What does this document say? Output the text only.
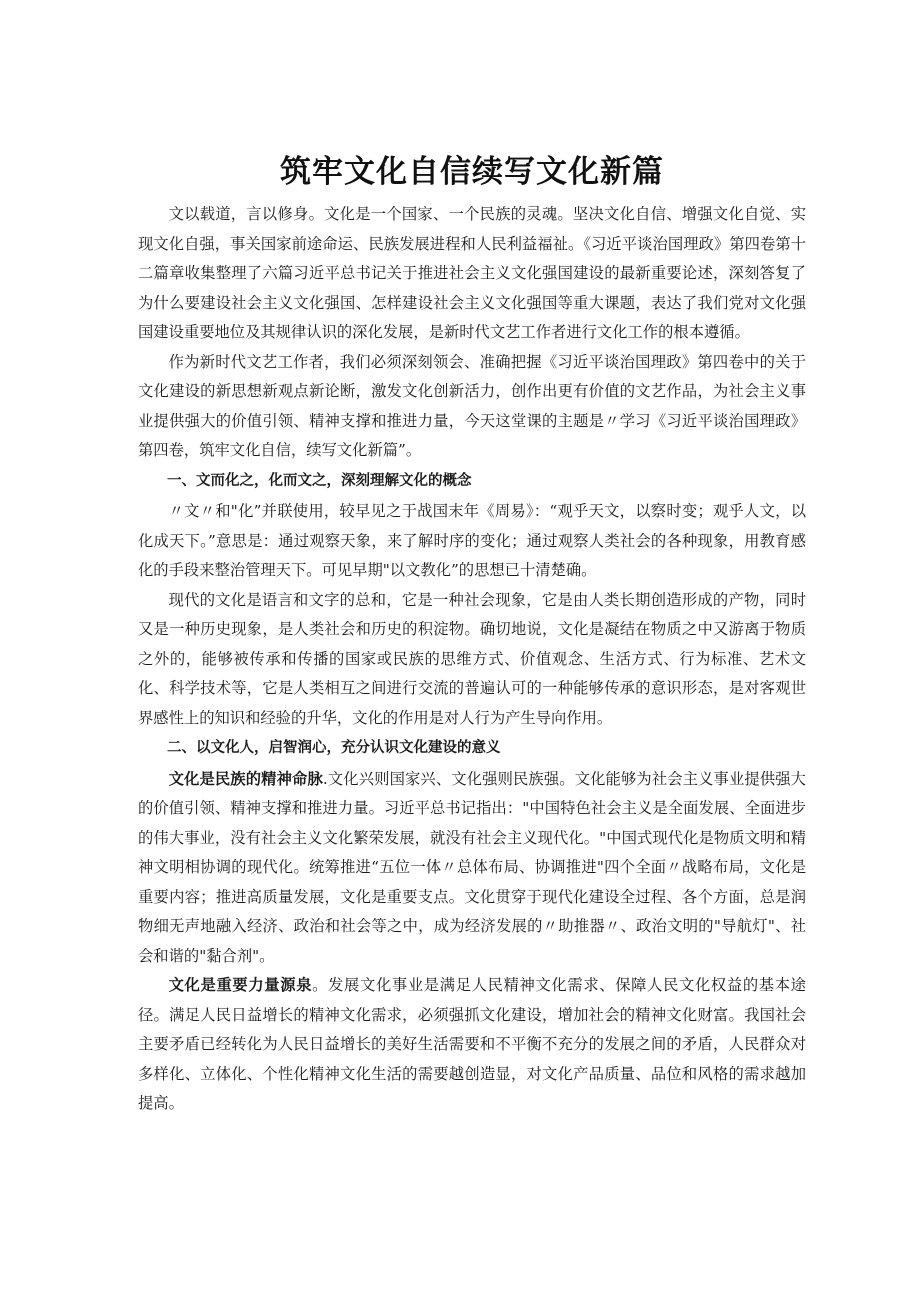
筑牢文化自信续写文化新篇

文以载道，言以修身。文化是一个国家、一个民族的灵魂。坚决文化自信、增强文化自觉、实现文化自强，事关国家前途命运、民族发展进程和人民利益福祉。《习近平谈治国理政》第四卷第十二篇章收集整理了六篇习近平总书记关于推进社会主义文化强国建设的最新重要论述，深刻答复了为什么要建设社会主义文化强国、怎样建设社会主义文化强国等重大课题，表达了我们党对文化强国建设重要地位及其规律认识的深化发展，是新时代文艺工作者进行文化工作的根本遵循。

作为新时代文艺工作者，我们必须深刻领会、准确把握《习近平谈治国理政》第四卷中的关于文化建设的新思想新观点新论断，激发文化创新活力，创作出更有价值的文艺作品，为社会主义事业提供强大的价值引领、精神支撑和推进力量，今天这堂课的主题是〃学习《习近平谈治国理政》第四卷，筑牢文化自信，续写文化新篇”。

一、文而化之，化而文之，深刻理解文化的概念

〃文〃和"化”并联使用，较早见之于战国末年《周易》：“观乎天文，以察时变；观乎人文，以化成天下。”意思是：通过观察天象，来了解时序的变化；通过观察人类社会的各种现象，用教育感化的手段来整治管理天下。可见早期"以文教化”的思想已十清楚确。

现代的文化是语言和文字的总和，它是一种社会现象，它是由人类长期创造形成的产物，同时又是一种历史现象，是人类社会和历史的积淀物。确切地说，文化是凝结在物质之中又游离于物质之外的，能够被传承和传播的国家或民族的思维方式、价值观念、生活方式、行为标准、艺术文化、科学技术等，它是人类相互之间进行交流的普遍认可的一种能够传承的意识形态，是对客观世界感性上的知识和经验的升华，文化的作用是对人行为产生导向作用。

二、以文化人，启智润心，充分认识文化建设的意义

文化是民族的精神命脉.文化兴则国家兴、文化强则民族强。文化能够为社会主义事业提供强大的价值引领、精神支撑和推进力量。习近平总书记指出："中国特色社会主义是全面发展、全面进步的伟大事业，没有社会主义文化繁荣发展，就没有社会主义现代化。"中国式现代化是物质文明和精神文明相协调的现代化。统筹推进“五位一体〃总体布局、协调推进"四个全面〃战略布局，文化是重要内容；推进高质量发展，文化是重要支点。文化贯穿于现代化建设全过程、各个方面，总是润物细无声地融入经济、政治和社会等之中，成为经济发展的〃助推器〃、政治文明的"导航灯"、社会和谐的"黏合剂"。

文化是重要力量源泉。发展文化事业是满足人民精神文化需求、保障人民文化权益的基本途径。满足人民日益增长的精神文化需求，必须强抓文化建设，增加社会的精神文化财富。我国社会主要矛盾已经转化为人民日益增长的美好生活需要和不平衡不充分的发展之间的矛盾，人民群众对多样化、立体化、个性化精神文化生活的需要越创造显，对文化产品质量、品位和风格的需求越加提高。
